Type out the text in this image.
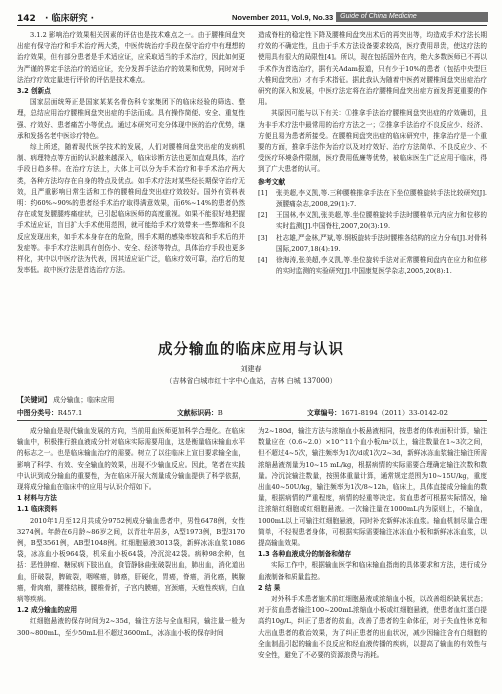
142 · 临床研究 ·	November 2011, Vol.9, No.33	Guide of China Medicine

3.1.2 影响治疗效果相关因素的评估也是技术难点之一。由于腰椎间盘突出症有保守治疗和手术治疗两大类，中医传统治疗手段在保守治疗中有理想的治疗效果，但有部分患者是手术适应证，应采取适当的手术治疗，因此如何更为严谨的界定手法治疗的适应证，充分发挥手法治疗的效果和优势，同时对手法治疗疗效定量进行评价的评估是技术难点。

3.2 创新点

国家层面统筹正是国家某某名骨伤科专家集团下的临床经验的筛选、整理，总结应用治疗腰椎间盘突出症的手法而成。具有操作简便、安全、重复性强、疗效好、患者痛苦小等优点。通过本研究可充分体现中医的治疗优势，继承和发扬名老中医诊疗特色。

综上所述，随着现代医学技术的发展，人们对腰椎间盘突出症的发病机制、病理特点等方面的认识越来越深入，临床诊断方法也更加直观具体，治疗手段日趋多样。在治疗方法上，大体上可以分为手术治疗和非手术治疗两大类，各种方法均存在自身的特点及优点。如手术疗法对某些经长期保守治疗无效，且严重影响日常生活和工作的腰椎间盘突出症疗效较好。国外有资料表明：约60%~90%的患者经手术治疗取得满意效果，而6%~14%的患者仍然存在或复发腰腿疼痛症状，已引起临床医师的高度重视。如果不能很好地把握手术适应证，盲目扩大手术使用范围，就可能给手术疗效带来一些弊端和不良反应发现出来，如手术本身存在的危险，围手术期的感染率较高和手术后的并发症等。非手术疗法则具有创伤小、安全、经济等特点，具体治疗手段也更多样化，其中以中医疗法为代表，因其适应证广泛，临床疗效可靠，治疗后的复发率低。故中医疗法是首选治疗方法。

造成脊柱的稳定性下降及腰椎间盘突出术后的再突出等，均造成手术疗法长期疗效的不确定性，且由于手术方法设备要求较高，医疗费用昂贵，使这疗法的使用具有很大的局限性[4]。所以，现在包括国外在内，绝大多数医师已不再以手术作为首选治疗，据有关Adam报道，只有少于10%的患者（包括中央型巨大椎间盘突出）才有手术指征。据此我认为随着中医药对腰椎间盘突出症治疗研究的深入和发展，中医疗法定将在治疗腰椎间盘突出症方面发挥更重要的作用。

其原因可能与以下有关：①推拿手法治疗腰椎间盘突出症的疗效确切，且为非手术疗法中最常用的治疗方法之一；②推拿手法治疗不良反应少、经济、方便且易为患者所接受。在腰椎间盘突出症的临床研究中，推拿治疗是一个重要的方面，推拿手法作为治疗以及对疗效好、治疗方法简单、不良反应少、不受医疗环境条件限制，医疗费用低廉等优势，被临床医生广泛应用于临床，得到了广大患者的认可。

参考文献
[1]	张美超,李义凯,等.三种腰椎推拿手法在下坐位腰椎旋转手法比较研究[J].颈腰痛杂志,2008,29(1):7.
[2]	王国林,李义凯,张美超,等.坐位腰椎旋转手法时腰椎单元内应力和位移的实时监测[J].中国脊柱,2007,20(3):19.
[3]	杜志雄,严金林,严斌,等.钢板旋转手法时腰椎各结构的应力分布[J].对骨科国际,2007,18(4):19.
[4]	徐海涛,张美超,李义凯,等.坐位旋转手法对正常腰椎间盘内在应力和位移的实时监测的实验研究[J].中国康复医学杂志,2005,20(8):1.
成分输血的临床应用与认识
刘建春
（吉林省白城市红十字中心血站，吉林 白城 137000）
【关键词】 成分输血；临床应用
中图分类号：R457.1	文献标识码：B	文章编号：1671-8194（2011）33-0142-02

成分输血是现代输血发展的方向，当前用血医师更加科学合理化。在临床输血中，积极推行推血液成分针对临床实际需要用血，这是衡量临床输血水平的标志之一。也是临床输血治疗的需要。树立了以往临床上宣目要求输全血，影响了科学、有效、安全输血的效果，出现不少输血反应。因此，笔者在实践中认识到成分输血的重要性，为在临床开展大剂量成分输血提供了科学依据，现将成分输血在临床中的应用与认识介绍如下。

1 材料与方法

1.1 临床资料

2010年1月至12月共成分9752例成分输血患者中，男性6478例，女性3274例。年龄在6月龄~86岁之间，以青壮年居多，A型1973例，B型3170例，B型3561例，AB型1048例。红细胞悬液3013袋，新鲜冰冻血浆1086袋，冰冻血小板964袋，机采血小板64袋，冷沉淀42袋。病种98余种，包括：恶性肿瘤、糖尿病下肢出血，食管静脉曲张破裂出血，肺出血，消化道出血，肝破裂，脾破裂，咽喉癌，肺癌，肝硬化，胃癌，脊癌，消化癌，胰腺癌，骨肉瘤，腰椎结核，腰椎骨折，子宫内膜癌，宫颈癌，天疱性疾病，白血病等疾病。

1.2 成分输血的应用

红细胞悬液的保存时间为2~35d，输注方法与全血相同，输注量一般为300~800mL，至少50mL但不超过3600mL，冰冻血小板的保存时间

为2~180d，输注方法与浓缩血小板悬液相同，按患者的体表面积计算，输注数量应在（0.6~2.0）×10^11个血小板/m²以上，输注数量在1~3次之间，但不超过4~5次，输注频率为1次/d或1次/2~3d，新鲜冰冻血浆输注输注所需浓缩悬液剂量为10~15 mL/kg，根据病情的实际需要合理确定输注次数和数量。冷沉淀输注数量，按照体重量计算，通常规定范围为10~15U/kg，重度出血40~50U/kg，输注频率为1次/8~12h，临床上，具体直接成分输血的数量，根据病情的严重程度，病情的轻重等决定。贫血患者可根据实际情况，输注浓缩红细胞或红细胞悬液。一次输注量在1000mL内为原则上，不输血，1000mL以上可输注红细胞悬液，同时补充新鲜冰冻血浆。输血机制尽量合理简单，不轻视患者身体，可根据实际需要输注冰冻血小板和新鲜冰冻血浆，以提高输血效果。

1.3 各种血液成分的制备和储存

实际工作中，根据输血医学和临床输血指南的具体要求和方法，进行成分血液制备和质量监控。

2 结 果

对外科手术患者施术前红细胞悬液或浓缩血小板，以改善组织缺氧状态；对于贫血患者输注100~200mL浓缩血小板或红细胞悬液，使患者血红蛋白提高约10g/L，纠正了患者的贫血，改善了患者的生命体征，对于失血性休克和大出血患者的救治效果，为了纠正患者的出血状况，减少因输注含有白细胞的全血制品引起的输血不良反应和经血液传播的疾病，以提高了输血的有效性与安全性，避免了不必要的资源浪费与消耗。
